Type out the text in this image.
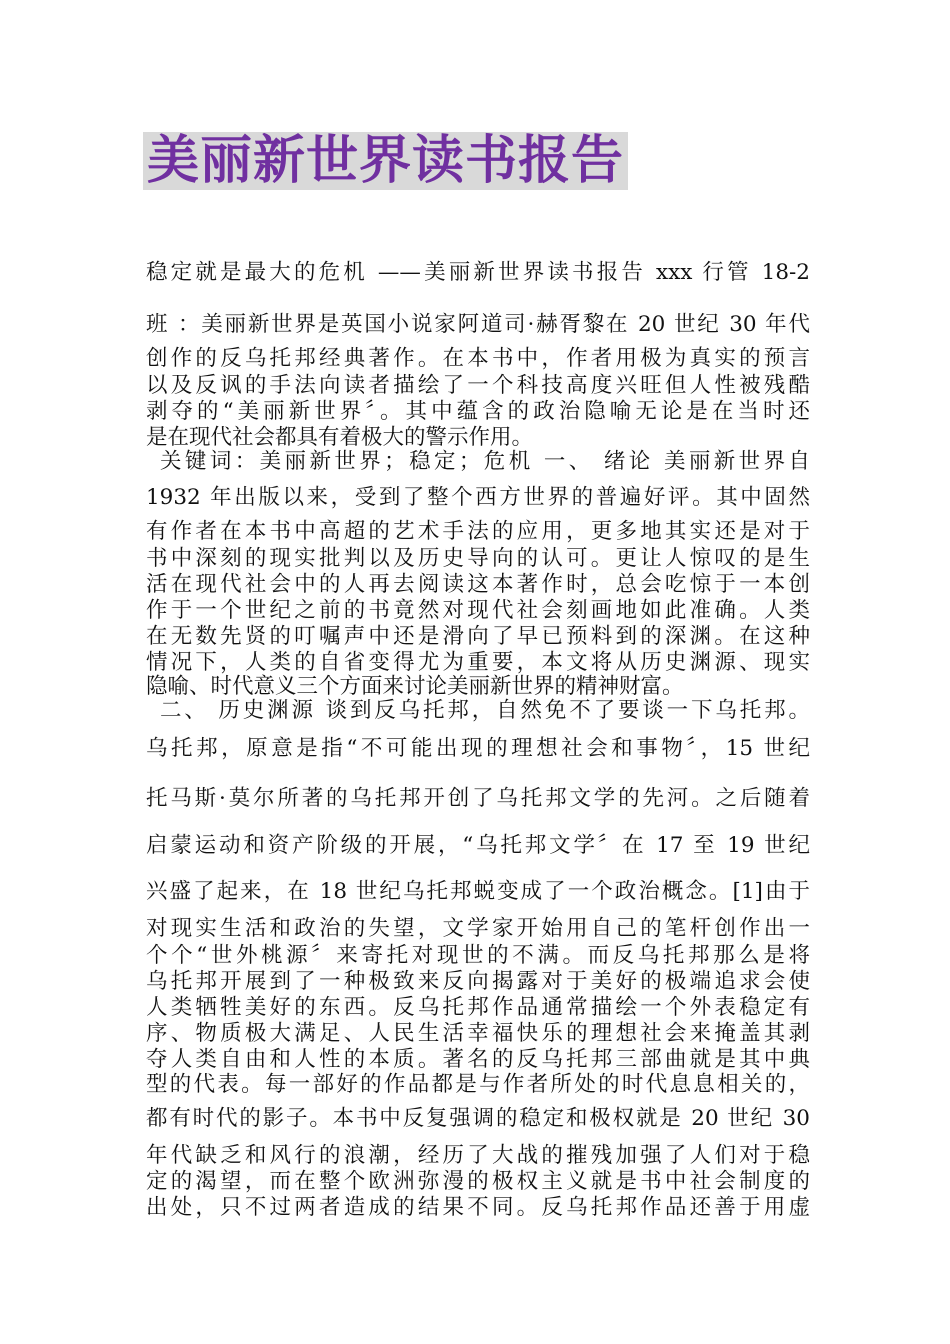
美丽新世界读书报告
稳定就是最大的危机 ——美丽新世界读书报告 xxx 行管 18-2
班 ：美丽新世界是英国小说家阿道司·赫胥黎在 20 世纪 30 年代
创作的反乌托邦经典著作。在本书中，作者用极为真实的预言
以及反讽的手法向读者描绘了一个科技高度兴旺但人性被残酷
剥夺的“美丽新世界〞。其中蕴含的政治隐喻无论是在当时还
是在现代社会都具有着极大的警示作用。
关键词：美丽新世界；稳定；危机 一、 绪论 美丽新世界自
1932 年出版以来，受到了整个西方世界的普遍好评。其中固然
有作者在本书中高超的艺术手法的应用，更多地其实还是对于
书中深刻的现实批判以及历史导向的认可。更让人惊叹的是生
活在现代社会中的人再去阅读这本著作时，总会吃惊于一本创
作于一个世纪之前的书竟然对现代社会刻画地如此准确。人类
在无数先贤的叮嘱声中还是滑向了早已预料到的深渊。在这种
情况下，人类的自省变得尤为重要，本文将从历史渊源、现实
隐喻、时代意义三个方面来讨论美丽新世界的精神财富。
二、 历史渊源 谈到反乌托邦，自然免不了要谈一下乌托邦。
乌托邦，原意是指“不可能出现的理想社会和事物〞，15 世纪
托马斯·莫尔所著的乌托邦开创了乌托邦文学的先河。之后随着
启蒙运动和资产阶级的开展，“乌托邦文学〞在 17 至 19 世纪
兴盛了起来，在 18 世纪乌托邦蜕变成了一个政治概念。[1]由于
对现实生活和政治的失望，文学家开始用自己的笔杆创作出一
个个“世外桃源〞来寄托对现世的不满。而反乌托邦那么是将
乌托邦开展到了一种极致来反向揭露对于美好的极端追求会使
人类牺牲美好的东西。反乌托邦作品通常描绘一个外表稳定有
序、物质极大满足、人民生活幸福快乐的理想社会来掩盖其剥
夺人类自由和人性的本质。著名的反乌托邦三部曲就是其中典
型的代表。每一部好的作品都是与作者所处的时代息息相关的，
都有时代的影子。本书中反复强调的稳定和极权就是 20 世纪 30
年代缺乏和风行的浪潮，经历了大战的摧残加强了人们对于稳
定的渴望，而在整个欧洲弥漫的极权主义就是书中社会制度的
出处，只不过两者造成的结果不同。反乌托邦作品还善于用虚
